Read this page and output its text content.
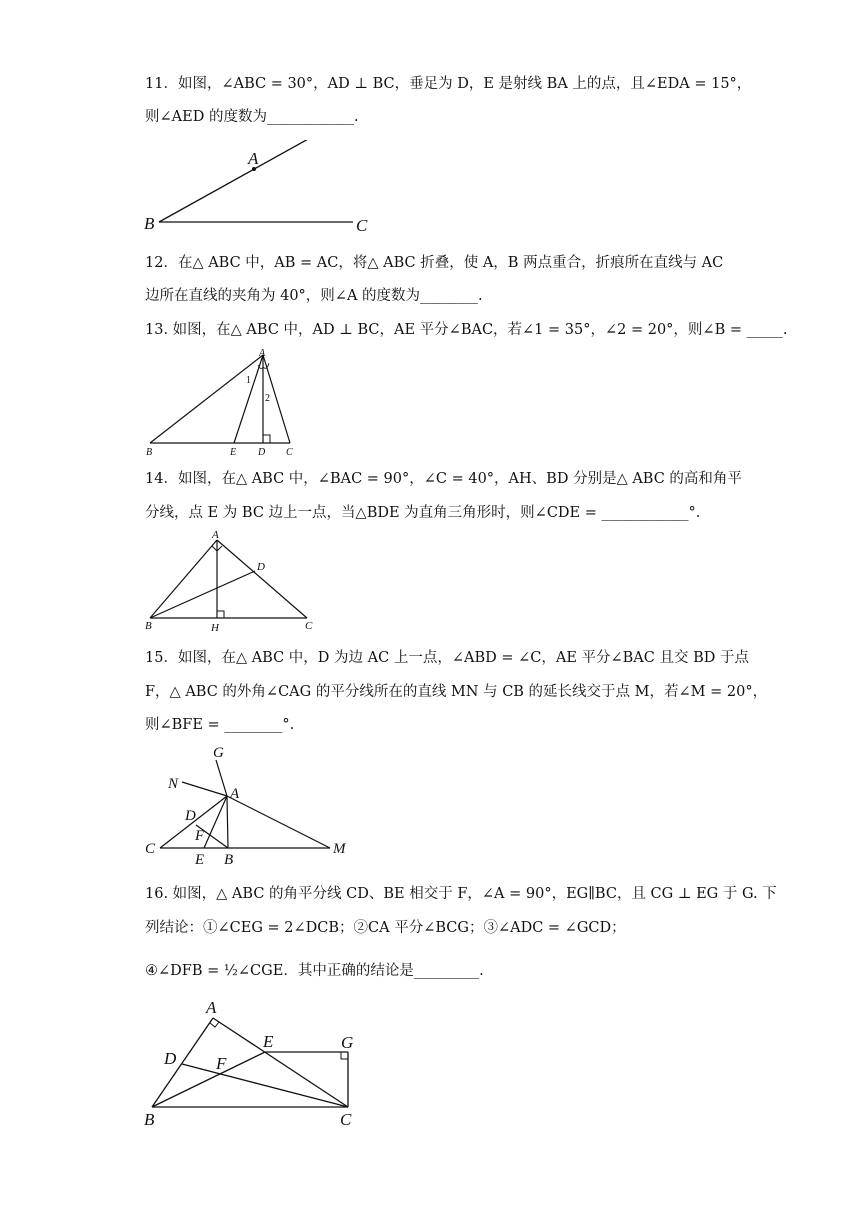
11．如图，∠ABC = 30°，AD ⊥ BC，垂足为 D，E 是射线 BA 上的点，且∠EDA = 15°，
则∠AED 的度数为____________.
A
B	C
12．在△ ABC 中，AB = AC，将△ ABC 折叠，使 A，B 两点重合，折痕所在直线与 AC
边所在直线的夹角为 40°，则∠A 的度数为________.
13. 如图，在△ ABC 中，AD ⊥ BC，AE 平分∠BAC，若∠1 = 35°，∠2 = 20°，则∠B = _____.
A
1
2
B	E D C
14．如图，在△ ABC 中，∠BAC = 90°，∠C = 40°，AH、BD 分别是△ ABC 的高和角平
分线，点 E 为 BC 边上一点，当△BDE 为直角三角形时，则∠CDE = ____________°.
A
D
B	H	C
15．如图，在△ ABC 中，D 为边 AC 上一点，∠ABD = ∠C，AE 平分∠BAC 且交 BD 于点
F，△ ABC 的外角∠CAG 的平分线所在的直线 MN 与 CB 的延长线交于点 M，若∠M = 20°，
则∠BFE = ________°.
G
N
A
D
F
C
E B
M
16. 如图，△ ABC 的角平分线 CD、BE 相交于 F，∠A = 90°，EG∥BC，且 CG ⊥ EG 于 G. 下
列结论：①∠CEG = 2∠DCB；②CA 平分∠BCG；③∠ADC = ∠GCD；
④∠DFB = ½∠CGE．其中正确的结论是_________.
A
D
E	G
F
B	C
